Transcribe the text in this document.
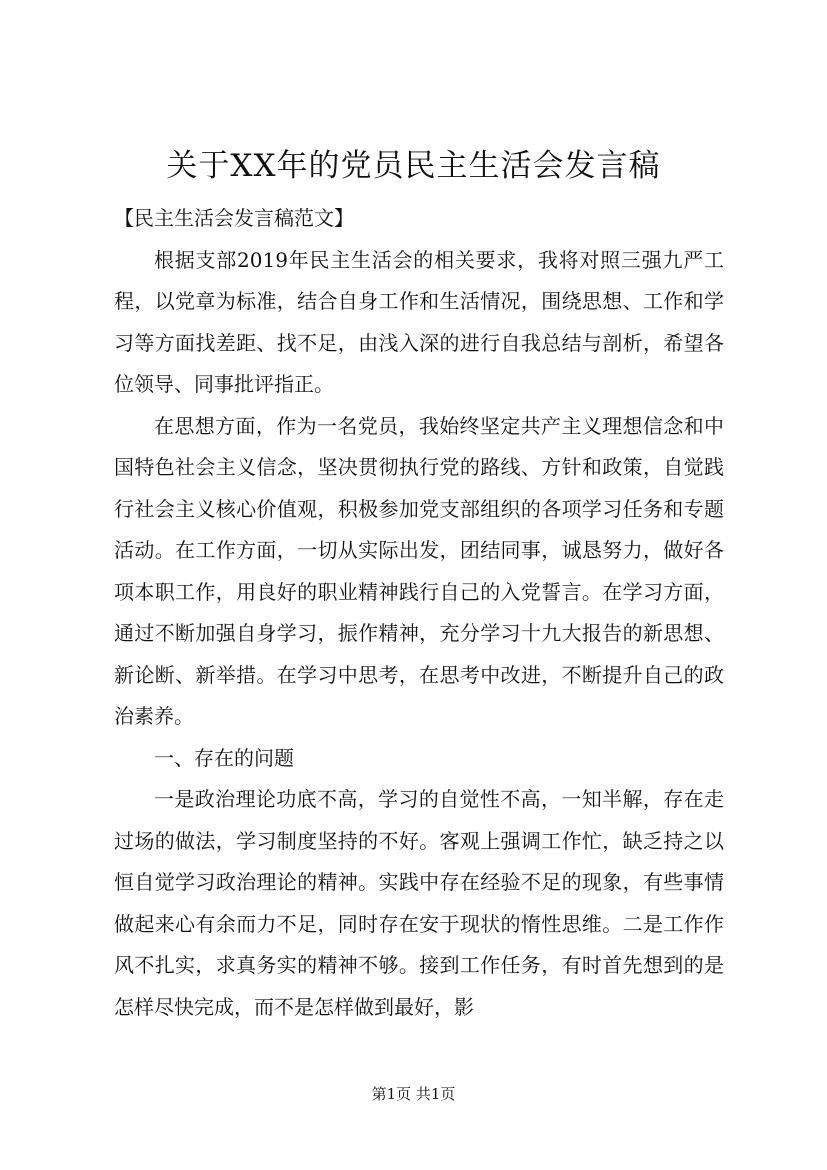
关于XX年的党员民主生活会发言稿

【民主生活会发言稿范文】

根据支部2019年民主生活会的相关要求，我将对照三强九严工程，以党章为标准，结合自身工作和生活情况，围绕思想、工作和学习等方面找差距、找不足，由浅入深的进行自我总结与剖析，希望各位领导、同事批评指正。

在思想方面，作为一名党员，我始终坚定共产主义理想信念和中国特色社会主义信念，坚决贯彻执行党的路线、方针和政策，自觉践行社会主义核心价值观，积极参加党支部组织的各项学习任务和专题活动。在工作方面，一切从实际出发，团结同事，诚恳努力，做好各项本职工作，用良好的职业精神践行自己的入党誓言。在学习方面，通过不断加强自身学习，振作精神，充分学习十九大报告的新思想、新论断、新举措。在学习中思考，在思考中改进，不断提升自己的政治素养。

一、存在的问题

一是政治理论功底不高，学习的自觉性不高，一知半解，存在走过场的做法，学习制度坚持的不好。客观上强调工作忙，缺乏持之以恒自觉学习政治理论的精神。实践中存在经验不足的现象，有些事情做起来心有余而力不足，同时存在安于现状的惰性思维。二是工作作风不扎实，求真务实的精神不够。接到工作任务，有时首先想到的是怎样尽快完成，而不是怎样做到最好，影

第1页 共1页
